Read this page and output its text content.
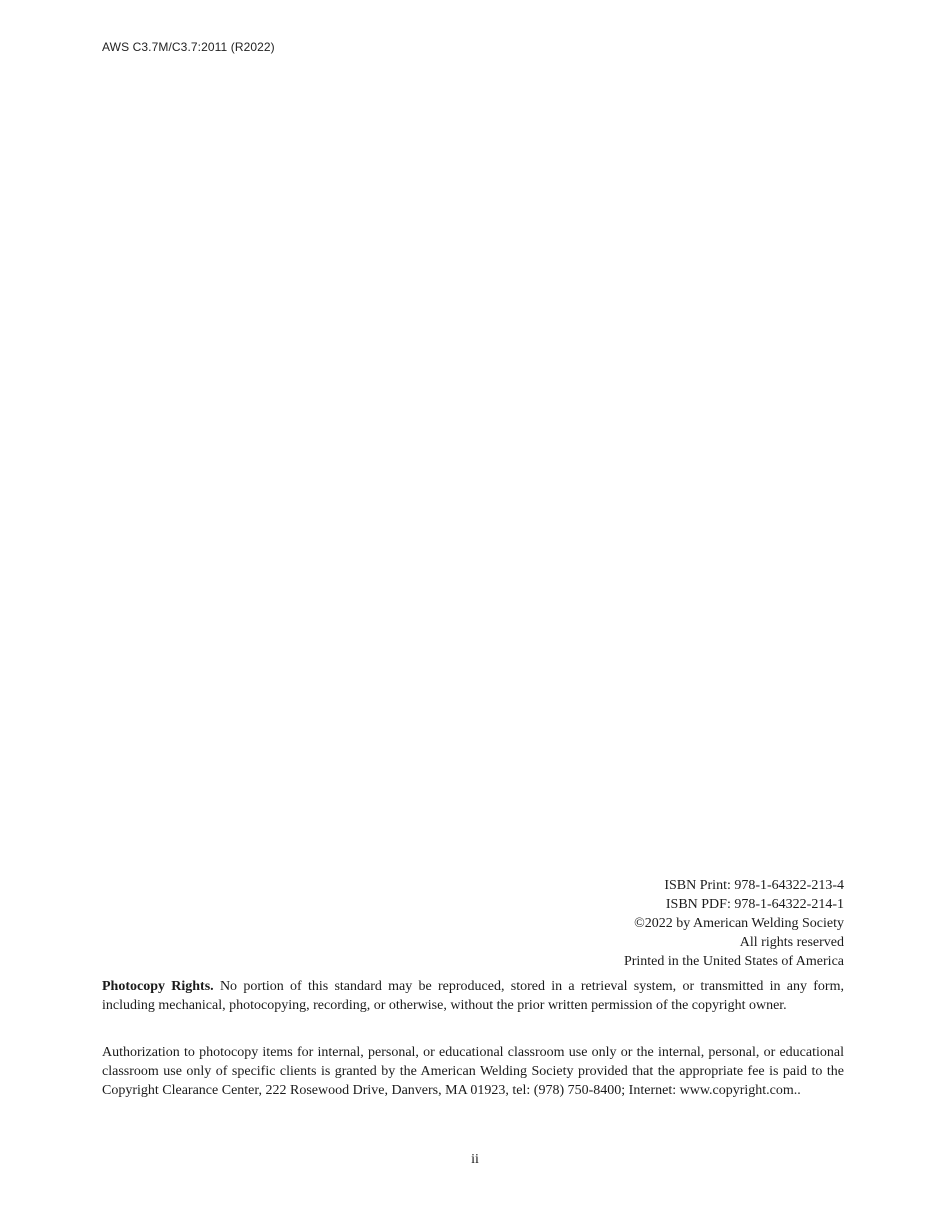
AWS C3.7M/C3.7:2011 (R2022)
ISBN Print: 978-1-64322-213-4
ISBN PDF: 978-1-64322-214-1
©2022 by American Welding Society
All rights reserved
Printed in the United States of America

Photocopy Rights. No portion of this standard may be reproduced, stored in a retrieval system, or transmitted in any form, including mechanical, photocopying, recording, or otherwise, without the prior written permission of the copyright owner.

Authorization to photocopy items for internal, personal, or educational classroom use only or the internal, personal, or educational classroom use only of specific clients is granted by the American Welding Society provided that the appropriate fee is paid to the Copyright Clearance Center, 222 Rosewood Drive, Danvers, MA 01923, tel: (978) 750-8400; Internet: www.copyright.com..

ii
